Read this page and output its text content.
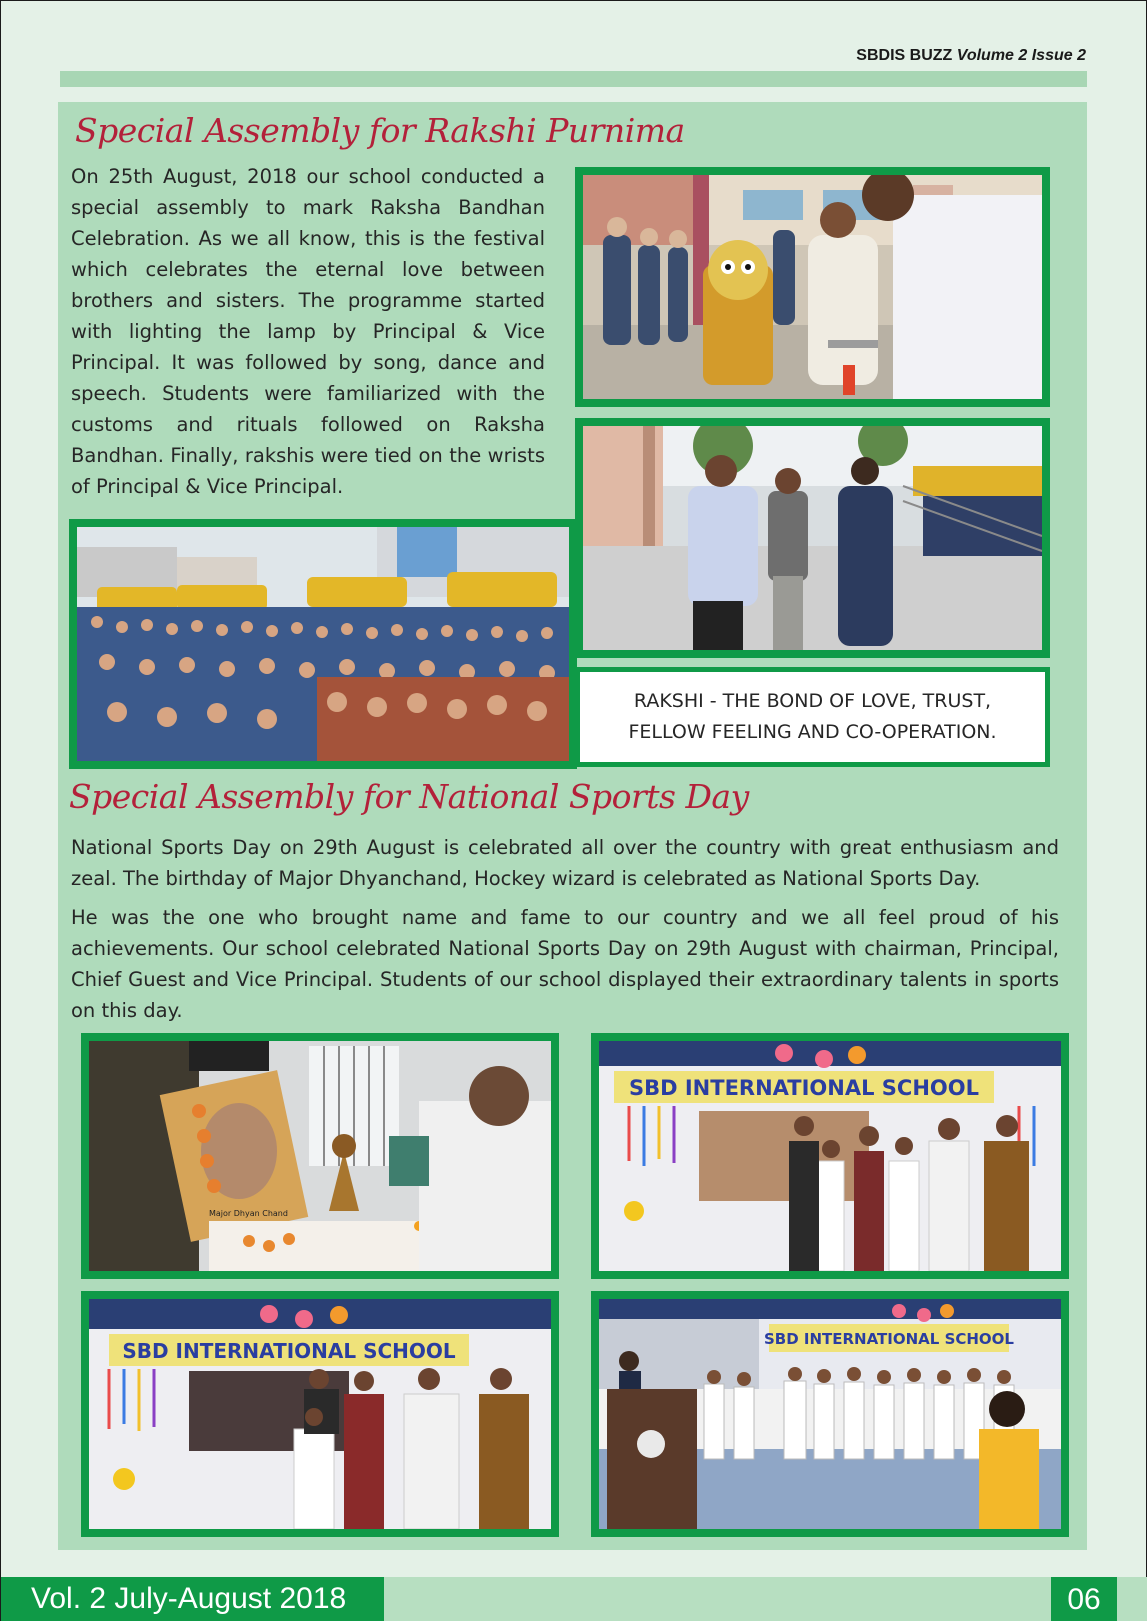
SBDIS BUZZ Volume 2 Issue 2
Special Assembly for Rakshi Purnima
On 25th August, 2018 our school conducted a special assembly to mark Raksha Bandhan Celebration. As we all know, this is the festival which celebrates the eternal love between brothers and sisters. The programme started with lighting the lamp by Principal & Vice Principal. It was followed by song, dance and speech. Students were familiarized with the customs and rituals followed on Raksha Bandhan. Finally, rakshis were tied on the wrists of Principal & Vice Principal.
RAKSHI - THE BOND OF LOVE, TRUST,
FELLOW FEELING AND CO-OPERATION.
Special Assembly for National Sports Day
National Sports Day on 29th August is celebrated all over the country with great enthusiasm and zeal. The birthday of Major Dhyanchand, Hockey wizard is celebrated as National Sports Day.
He was the one who brought name and fame to our country and we all feel proud of his achievements. Our school celebrated National Sports Day on 29th August with chairman, Principal, Chief Guest and Vice Principal. Students of our school displayed their extraordinary talents in sports on this day.
Major Dhyan Chand
SBD INTERNATIONAL SCHOOL
SBD INTERNATIONAL SCHOOL	SBD INTERNATIONAL SCHOOL
Vol. 2 July-August 2018	06
